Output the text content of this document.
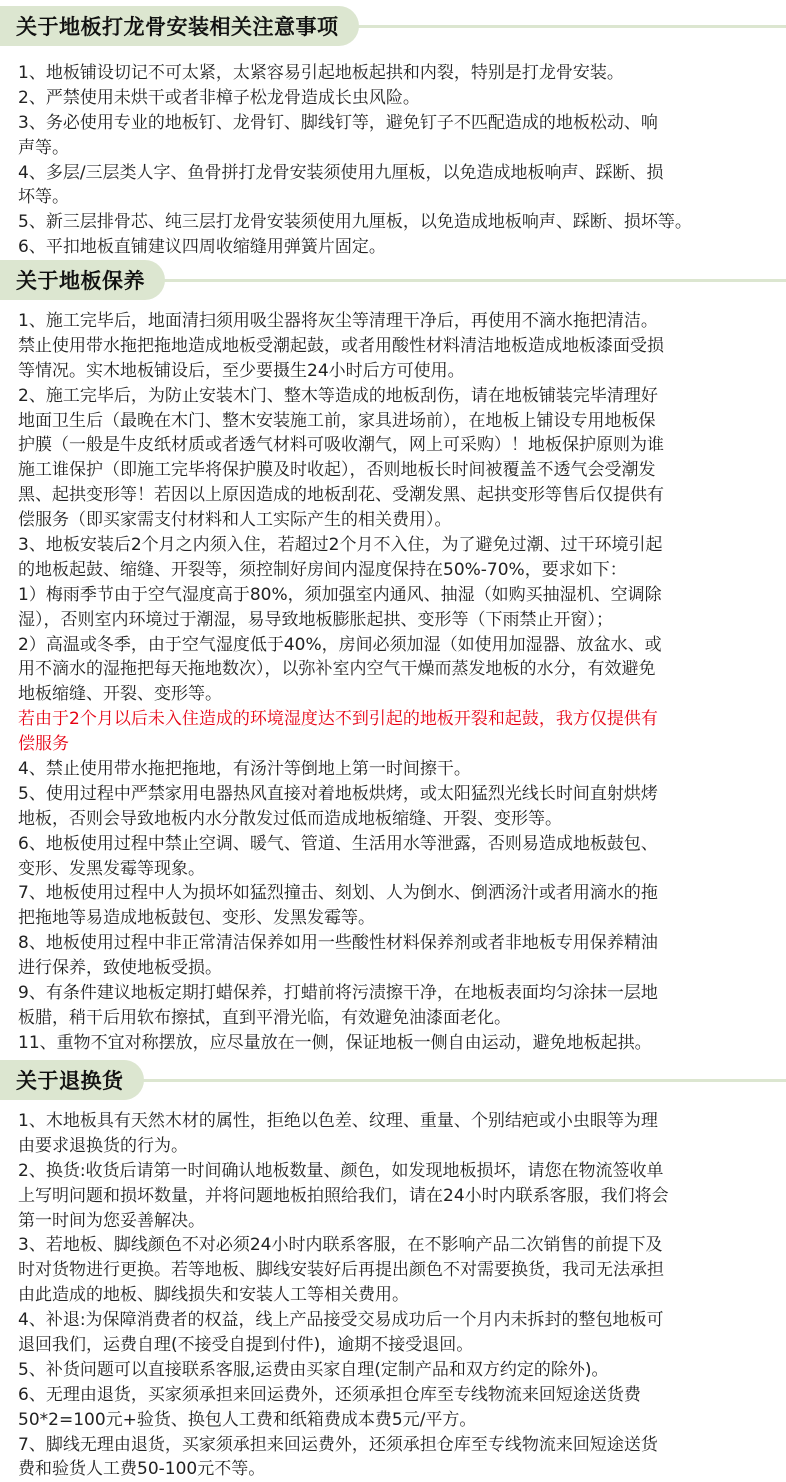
关于地板打龙骨安装相关注意事项
1、地板铺设切记不可太紧，太紧容易引起地板起拱和内裂，特别是打龙骨安装。
2、严禁使用未烘干或者非樟子松龙骨造成长虫风险。
3、务必使用专业的地板钉、龙骨钉、脚线钉等，避免钉子不匹配造成的地板松动、响
声等。
4、多层/三层类人字、鱼骨拼打龙骨安装须使用九厘板，以免造成地板响声、踩断、损
坏等。
5、新三层排骨芯、纯三层打龙骨安装须使用九厘板，以免造成地板响声、踩断、损坏等。
6、平扣地板直铺建议四周收缩缝用弹簧片固定。
关于地板保养
1、施工完毕后，地面清扫须用吸尘器将灰尘等清理干净后，再使用不滴水拖把清洁。
禁止使用带水拖把拖地造成地板受潮起鼓，或者用酸性材料清洁地板造成地板漆面受损
等情况。实木地板铺设后，至少要摄生24小时后方可使用。
2、施工完毕后，为防止安装木门、整木等造成的地板刮伤，请在地板铺装完毕清理好
地面卫生后（最晚在木门、整木安装施工前，家具进场前），在地板上铺设专用地板保
护膜（一般是牛皮纸材质或者透气材料可吸收潮气，网上可采购）！地板保护原则为谁
施工谁保护（即施工完毕将保护膜及时收起），否则地板长时间被覆盖不透气会受潮发
黑、起拱变形等！若因以上原因造成的地板刮花、受潮发黑、起拱变形等售后仅提供有
偿服务（即买家需支付材料和人工实际产生的相关费用）。
3、地板安装后2个月之内须入住，若超过2个月不入住，为了避免过潮、过干环境引起
的地板起鼓、缩缝、开裂等，须控制好房间内湿度保持在50%-70%，要求如下：
1）梅雨季节由于空气湿度高于80%，须加强室内通风、抽湿（如购买抽湿机、空调除
湿），否则室内环境过于潮湿，易导致地板膨胀起拱、变形等（下雨禁止开窗）；
2）高温或冬季，由于空气湿度低于40%，房间必须加湿（如使用加湿器、放盆水、或
用不滴水的湿拖把每天拖地数次），以弥补室内空气干燥而蒸发地板的水分，有效避免
地板缩缝、开裂、变形等。
若由于2个月以后未入住造成的环境湿度达不到引起的地板开裂和起鼓，我方仅提供有
偿服务
4、禁止使用带水拖把拖地，有汤汁等倒地上第一时间擦干。
5、使用过程中严禁家用电器热风直接对着地板烘烤，或太阳猛烈光线长时间直射烘烤
地板，否则会导致地板内水分散发过低而造成地板缩缝、开裂、变形等。
6、地板使用过程中禁止空调、暖气、管道、生活用水等泄露，否则易造成地板鼓包、
变形、发黑发霉等现象。
7、地板使用过程中人为损坏如猛烈撞击、刻划、人为倒水、倒洒汤汁或者用滴水的拖
把拖地等易造成地板鼓包、变形、发黑发霉等。
8、地板使用过程中非正常清洁保养如用一些酸性材料保养剂或者非地板专用保养精油
进行保养，致使地板受损。
9、有条件建议地板定期打蜡保养，打蜡前将污渍擦干净，在地板表面均匀涂抹一层地
板腊，稍干后用软布擦拭，直到平滑光临，有效避免油漆面老化。
11、重物不宜对称摆放，应尽量放在一侧，保证地板一侧自由运动，避免地板起拱。
关于退换货
1、木地板具有天然木材的属性，拒绝以色差、纹理、重量、个别结疤或小虫眼等为理
由要求退换货的行为。
2、换货:收货后请第一时间确认地板数量、颜色，如发现地板损坏，请您在物流签收单
上写明问题和损坏数量，并将问题地板拍照给我们，请在24小时内联系客服，我们将会
第一时间为您妥善解决。
3、若地板、脚线颜色不对必须24小时内联系客服，在不影响产品二次销售的前提下及
时对货物进行更换。若等地板、脚线安装好后再提出颜色不对需要换货，我司无法承担
由此造成的地板、脚线损失和安装人工等相关费用。
4、补退:为保障消费者的权益，线上产品接受交易成功后一个月内未拆封的整包地板可
退回我们，运费自理(不接受自提到付件)，逾期不接受退回。
5、补货问题可以直接联系客服,运费由买家自理(定制产品和双方约定的除外)。
6、无理由退货，买家须承担来回运费外，还须承担仓库至专线物流来回短途送货费
50*2=100元+验货、换包人工费和纸箱费成本费5元/平方。
7、脚线无理由退货，买家须承担来回运费外，还须承担仓库至专线物流来回短途送货
费和验货人工费50-100元不等。
